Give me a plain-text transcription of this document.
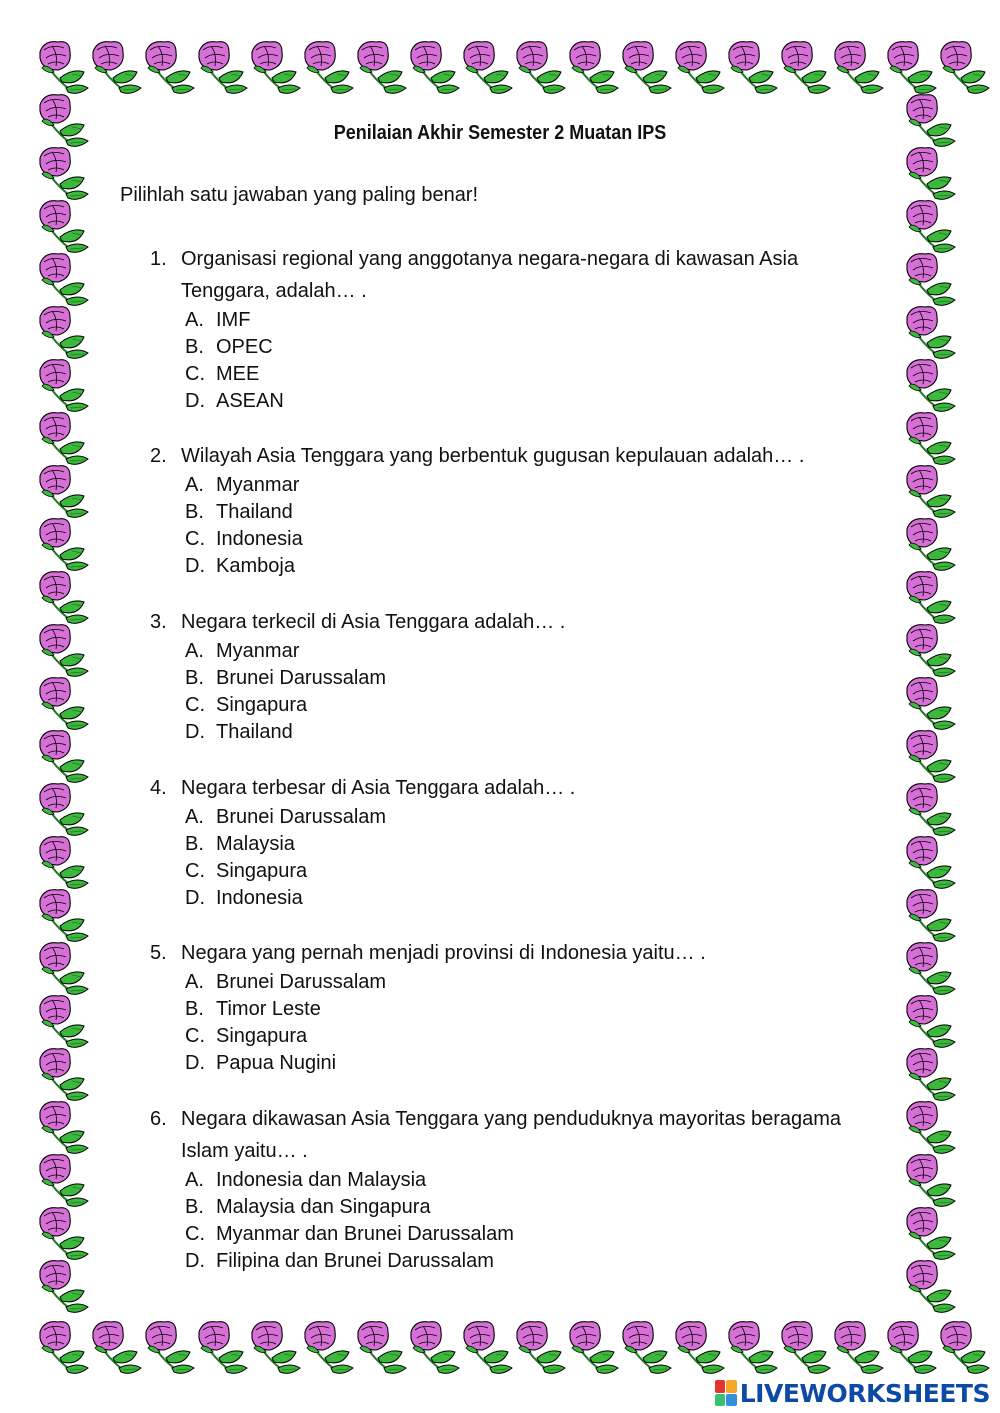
Penilaian Akhir Semester 2 Muatan IPS
Pilihlah satu jawaban yang paling benar!
1. Organisasi regional yang anggotanya negara-negara di kawasan Asia Tenggara, adalah… .
A. IMF
B. OPEC
C. MEE
D. ASEAN
2. Wilayah Asia Tenggara yang berbentuk gugusan kepulauan adalah… .
A. Myanmar
B. Thailand
C. Indonesia
D. Kamboja
3. Negara terkecil di Asia Tenggara adalah… .
A. Myanmar
B. Brunei Darussalam
C. Singapura
D. Thailand
4. Negara terbesar di Asia Tenggara adalah… .
A. Brunei Darussalam
B. Malaysia
C. Singapura
D. Indonesia
5. Negara yang pernah menjadi provinsi di Indonesia yaitu… .
A. Brunei Darussalam
B. Timor Leste
C. Singapura
D. Papua Nugini
6. Negara dikawasan Asia Tenggara yang penduduknya mayoritas beragama Islam yaitu… .
A. Indonesia dan Malaysia
B. Malaysia dan Singapura
C. Myanmar dan Brunei Darussalam
D. Filipina dan Brunei Darussalam
LIVEWORKSHEETS
